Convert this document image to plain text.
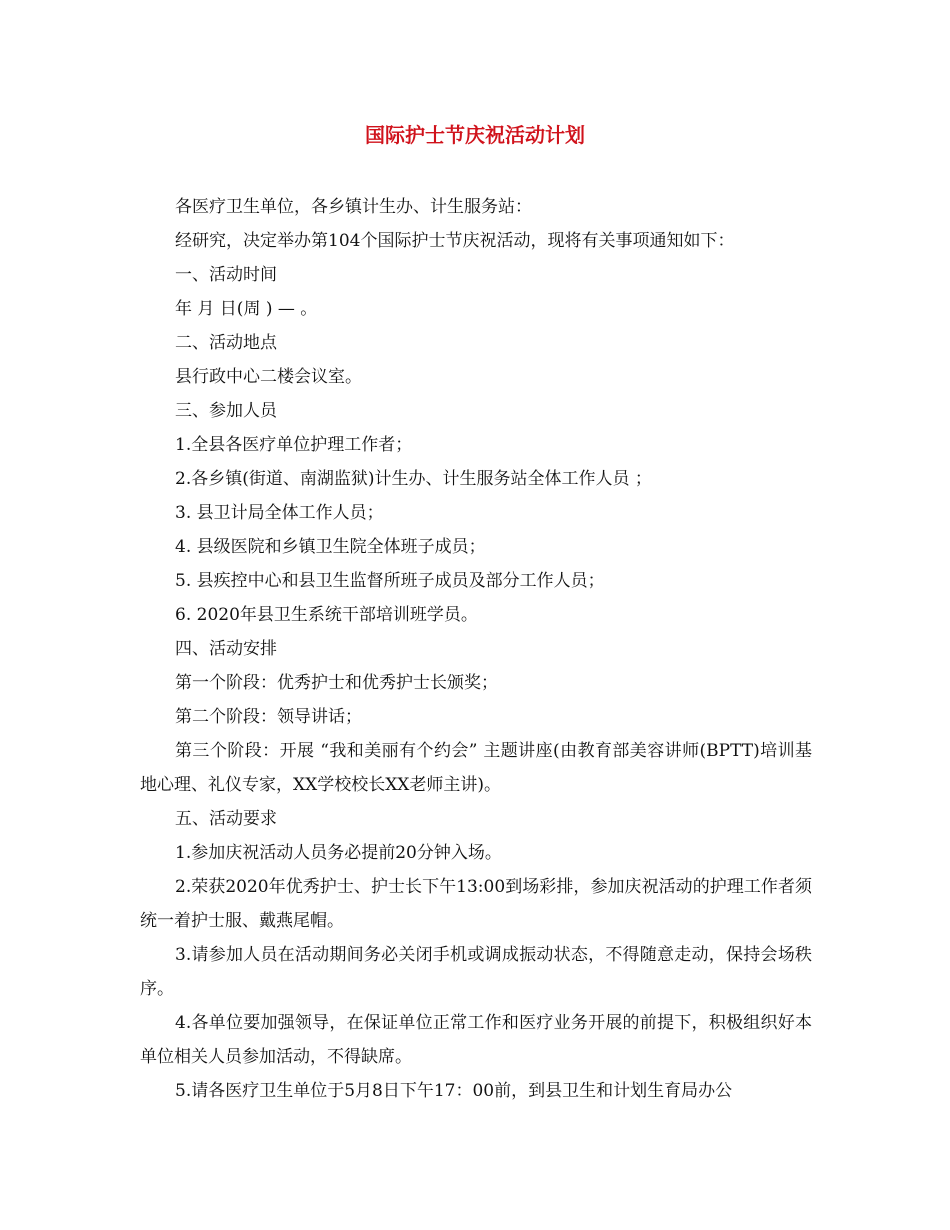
国际护士节庆祝活动计划

各医疗卫生单位，各乡镇计生办、计生服务站：

经研究，决定举办第104个国际护士节庆祝活动，现将有关事项通知如下：

一、活动时间

年 月 日(周 ) — 。

二、活动地点

县行政中心二楼会议室。

三、参加人员

1.全县各医疗单位护理工作者；

2.各乡镇(街道、南湖监狱)计生办、计生服务站全体工作人员 ；

3. 县卫计局全体工作人员；

4. 县级医院和乡镇卫生院全体班子成员；

5. 县疾控中心和县卫生监督所班子成员及部分工作人员；

6. 2020年县卫生系统干部培训班学员。

四、活动安排

第一个阶段：优秀护士和优秀护士长颁奖；

第二个阶段：领导讲话；

第三个阶段：开展 “我和美丽有个约会” 主题讲座(由教育部美容讲师(BPTT)培训基地心理、礼仪专家，XX学校校长XX老师主讲)。

五、活动要求

1.参加庆祝活动人员务必提前20分钟入场。

2.荣获2020年优秀护士、护士长下午13:00到场彩排，参加庆祝活动的护理工作者须统一着护士服、戴燕尾帽。

3.请参加人员在活动期间务必关闭手机或调成振动状态，不得随意走动，保持会场秩序。

4.各单位要加强领导，在保证单位正常工作和医疗业务开展的前提下，积极组织好本单位相关人员参加活动，不得缺席。

5.请各医疗卫生单位于5月8日下午17：00前，到县卫生和计划生育局办公
